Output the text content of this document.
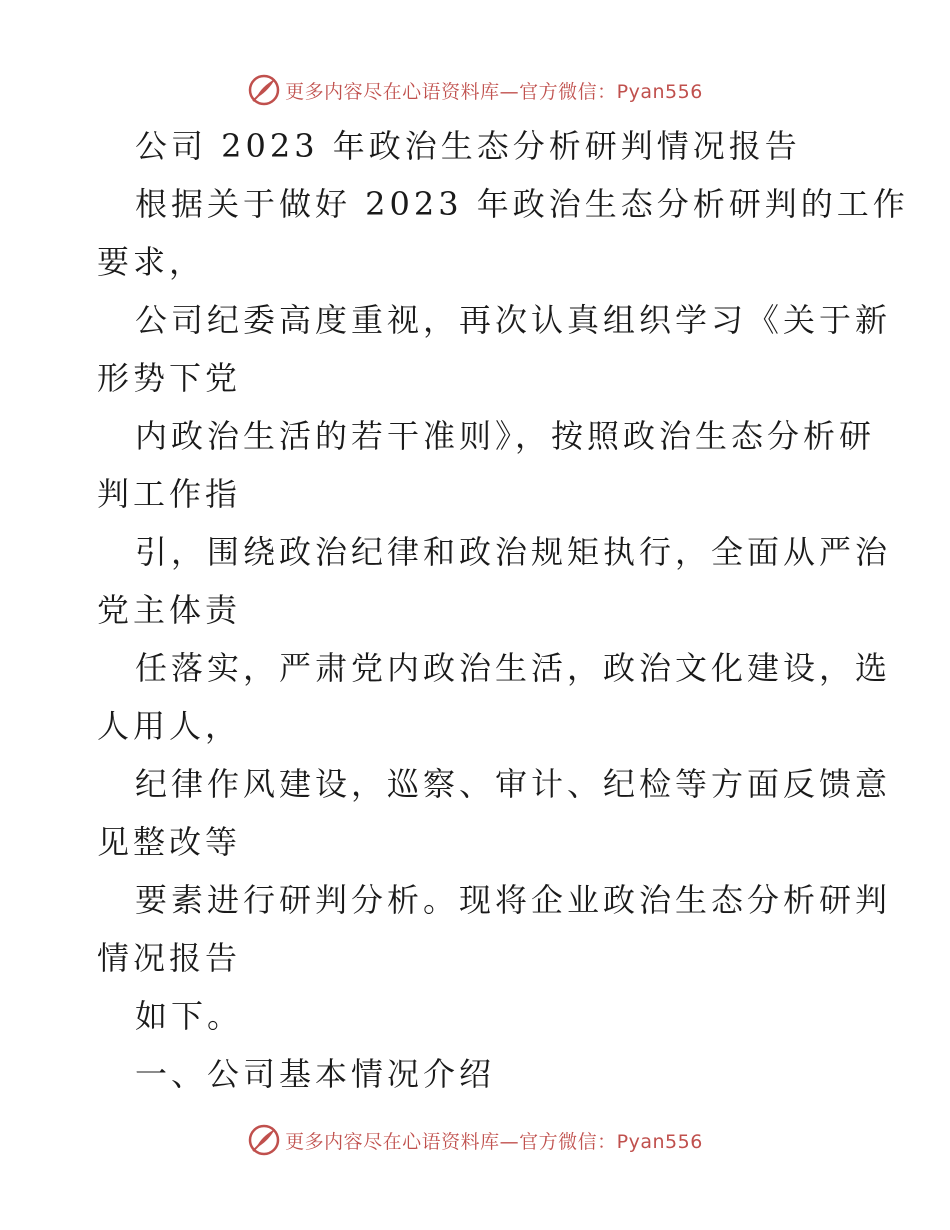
更多内容尽在心语资料库—官方微信：Pyan556
公司 2023 年政治生态分析研判情况报告
根据关于做好 2023 年政治生态分析研判的工作
要求，
公司纪委高度重视，再次认真组织学习《关于新
形势下党
内政治生活的若干准则》，按照政治生态分析研
判工作指
引，围绕政治纪律和政治规矩执行，全面从严治
党主体责
任落实，严肃党内政治生活，政治文化建设，选
人用人，
纪律作风建设，巡察、审计、纪检等方面反馈意
见整改等
要素进行研判分析。现将企业政治生态分析研判
情况报告
如下。
一、公司基本情况介绍
更多内容尽在心语资料库—官方微信：Pyan556
